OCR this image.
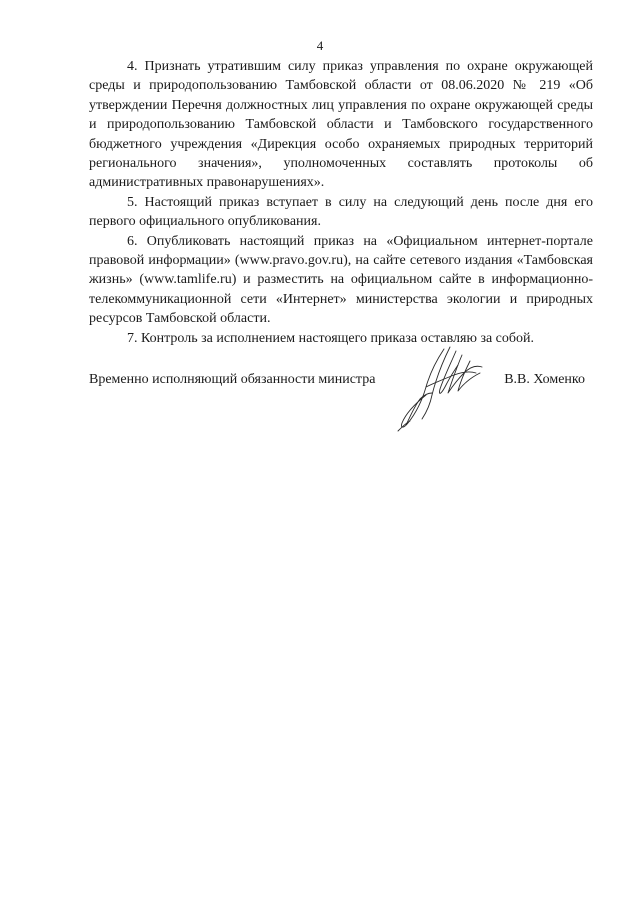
4

4. Признать утратившим силу приказ управления по охране окружающей среды и природопользованию Тамбовской области от 08.06.2020 № 219 «Об утверждении Перечня должностных лиц управления по охране окружающей среды и природопользованию Тамбовской области и Тамбовского государственного бюджетного учреждения «Дирекция особо охраняемых природных территорий регионального значения», уполномоченных составлять протоколы об административных правонарушениях».

5. Настоящий приказ вступает в силу на следующий день после дня его первого официального опубликования.

6. Опубликовать настоящий приказ на «Официальном интернет-портале правовой информации» (www.pravo.gov.ru), на сайте сетевого издания «Тамбовская жизнь» (www.tamlife.ru) и разместить на официальном сайте в информационно-телекоммуникационной сети «Интернет» министерства экологии и природных ресурсов Тамбовской области.

7. Контроль за исполнением настоящего приказа оставляю за собой.

Временно исполняющий обязанности министра	В.В. Хоменко
